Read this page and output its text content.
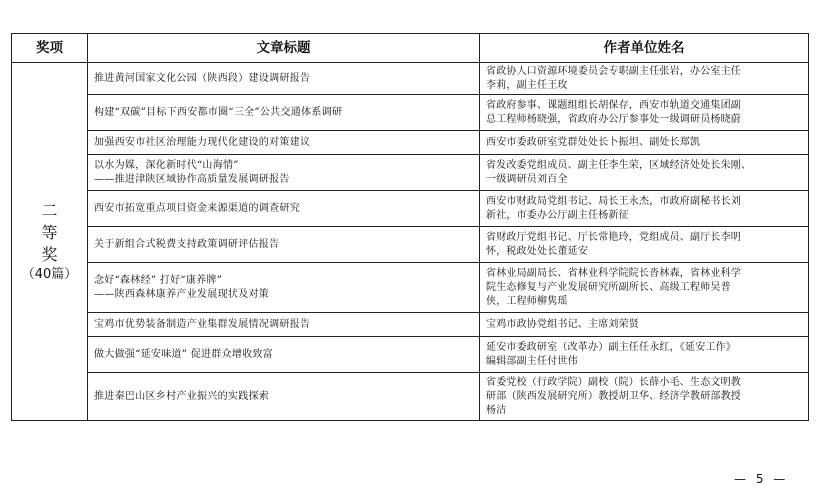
奖项	文章标题	作者单位姓名

二
等
奖
（40篇）	推进黄河国家文化公园（陕西段）建设调研报告	省政协人口资源环境委员会专职副主任张岩，办公室主任
李莉，副主任王玫

	构建“双碳”目标下西安都市圈“三全”公共交通体系调研	省政府参事、课题组组长胡保存，西安市轨道交通集团副
总工程师杨晓强，省政府办公厅参事处一级调研员杨晓蔚

	加强西安市社区治理能力现代化建设的对策建议	西安市委政研室党群处处长卜振坦、副处长郑凯

	以水为媒，深化新时代“山海情”
——推进津陕区域协作高质量发展调研报告	省发改委党组成员、副主任李生荣，区域经济处处长朱刚、
一级调研员刘百全

	西安市拓宽重点项目资金来源渠道的调查研究	西安市财政局党组书记、局长王永杰，市政府副秘书长刘
新社，市委办公厅副主任杨新征

	关于新组合式税费支持政策调研评估报告	省财政厅党组书记、厅长常艳玲，党组成员、副厅长李明
怀，税政处处长董延安

	念好“森林经” 打好“康养牌”
——陕西森林康养产业发展现状及对策	省林业局副局长、省林业科学院院长沓林森，省林业科学
院生态修复与产业发展研究所副所长、高级工程师吴普
侠，工程师柳隽瑶

	宝鸡市优势装备制造产业集群发展情况调研报告	宝鸡市政协党组书记、主席刘荣贤

	做大做强“延安味道” 促进群众增收致富	延安市委政研室（改革办）副主任任永红，《延安工作》
编辑部副主任付世伟

	推进秦巴山区乡村产业振兴的实践探索	省委党校（行政学院）副校（院）长薛小毛、生态文明教
研部（陕西发展研究所）教授胡卫华、经济学教研部教授
杨洁
— 5 —
